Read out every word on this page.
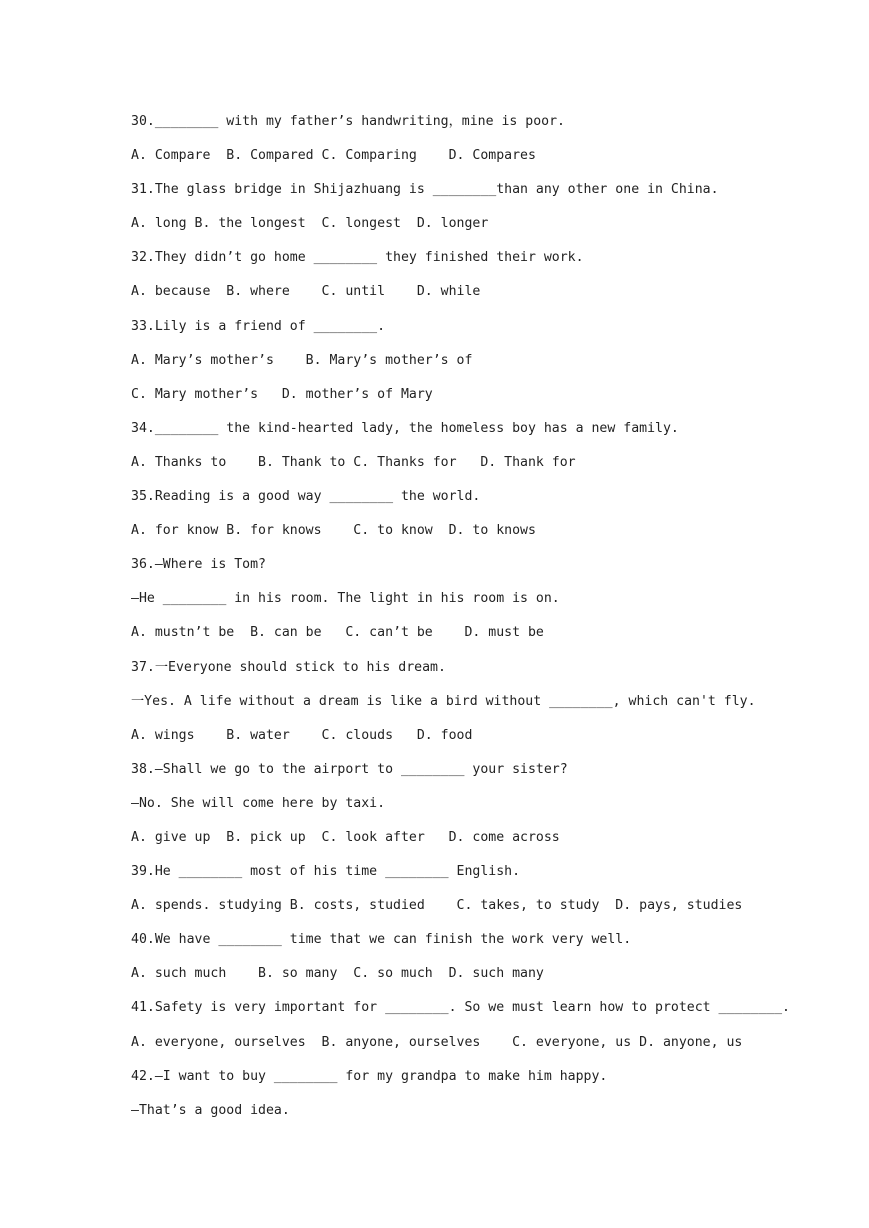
30.________ with my father’s handwriting，mine is poor.
A. Compare  B. Compared C. Comparing    D. Compares
31.The glass bridge in Shijazhuang is ________than any other one in China.
A. long B. the longest  C. longest  D. longer
32.They didn’t go home ________ they finished their work.
A. because  B. where    C. until    D. while
33.Lily is a friend of ________.
A. Mary’s mother’s    B. Mary’s mother’s of
C. Mary mother’s   D. mother’s of Mary
34.________ the kind-hearted lady, the homeless boy has a new family.
A. Thanks to    B. Thank to C. Thanks for   D. Thank for
35.Reading is a good way ________ the world.
A. for know B. for knows    C. to know  D. to knows
36.—Where is Tom?
—He ________ in his room. The light in his room is on.
A. mustn’t be  B. can be   C. can’t be    D. must be
37.一Everyone should stick to his dream.
一Yes. A life without a dream is like a bird without ________, which can't fly.
A. wings    B. water    C. clouds   D. food
38.—Shall we go to the airport to ________ your sister?
—No. She will come here by taxi.
A. give up  B. pick up  C. look after   D. come across
39.He ________ most of his time ________ English.
A. spends. studying B. costs, studied    C. takes, to study  D. pays, studies
40.We have ________ time that we can finish the work very well.
A. such much    B. so many  C. so much  D. such many
41.Safety is very important for ________. So we must learn how to protect ________.
A. everyone, ourselves  B. anyone, ourselves    C. everyone, us D. anyone, us
42.—I want to buy ________ for my grandpa to make him happy.
—That’s a good idea.
